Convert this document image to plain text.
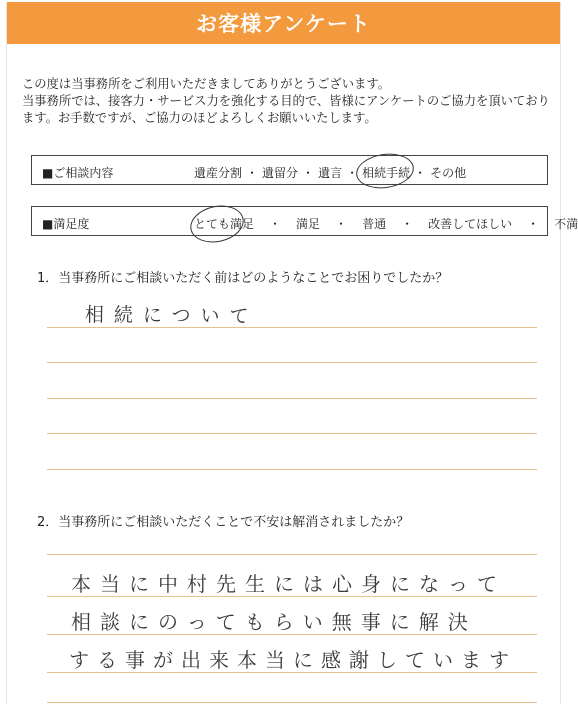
お客様アンケート

この度は当事務所をご利用いただきましてありがとうございます。

当事務所では、接客力・サービス力を強化する目的で、皆様にアンケートのご協力を頂いており

ます。お手数ですが、ご協力のほどよろしくお願いいたします。

■ご相談内容	遺産分割 ・ 遺留分 ・ 遺言 ・ 相続手続 ・ その他
■満足度	とても満足 ・ 満足 ・ 普通 ・ 改善してほしい ・ 不満
1．当事務所にご相談いただく前はどのようなことでお困りでしたか？
相続について
2．当事務所にご相談いただくことで不安は解消されましたか？
本当に中村先生には心身になって
相談にのってもらい無事に解決
する事が出来本当に感謝しています
